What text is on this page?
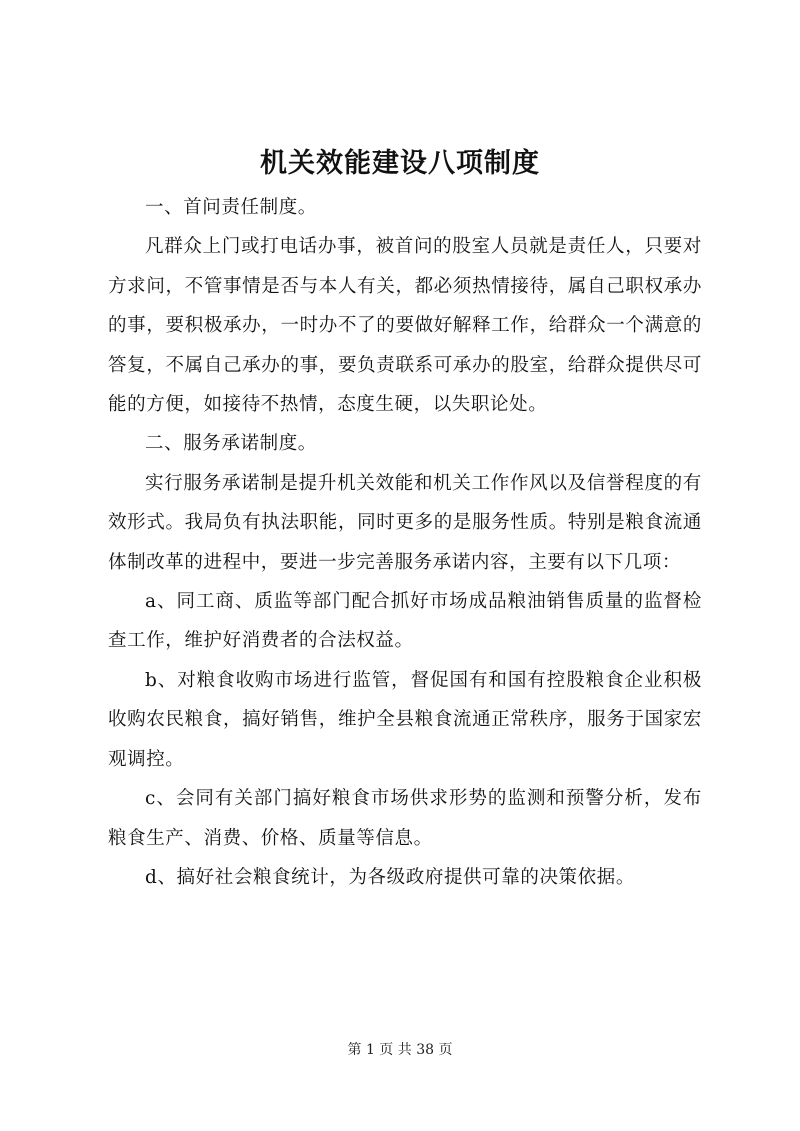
机关效能建设八项制度

一、首问责任制度。

凡群众上门或打电话办事，被首问的股室人员就是责任人，只要对方求问，不管事情是否与本人有关，都必须热情接待，属自己职权承办的事，要积极承办，一时办不了的要做好解释工作，给群众一个满意的答复，不属自己承办的事，要负责联系可承办的股室，给群众提供尽可能的方便，如接待不热情，态度生硬，以失职论处。

二、服务承诺制度。

实行服务承诺制是提升机关效能和机关工作作风以及信誉程度的有效形式。我局负有执法职能，同时更多的是服务性质。特别是粮食流通体制改革的进程中，要进一步完善服务承诺内容，主要有以下几项：

a、同工商、质监等部门配合抓好市场成品粮油销售质量的监督检查工作，维护好消费者的合法权益。

b、对粮食收购市场进行监管，督促国有和国有控股粮食企业积极收购农民粮食，搞好销售，维护全县粮食流通正常秩序，服务于国家宏观调控。

c、会同有关部门搞好粮食市场供求形势的监测和预警分析，发布粮食生产、消费、价格、质量等信息。

d、搞好社会粮食统计，为各级政府提供可靠的决策依据。

第 1 页 共 38 页
